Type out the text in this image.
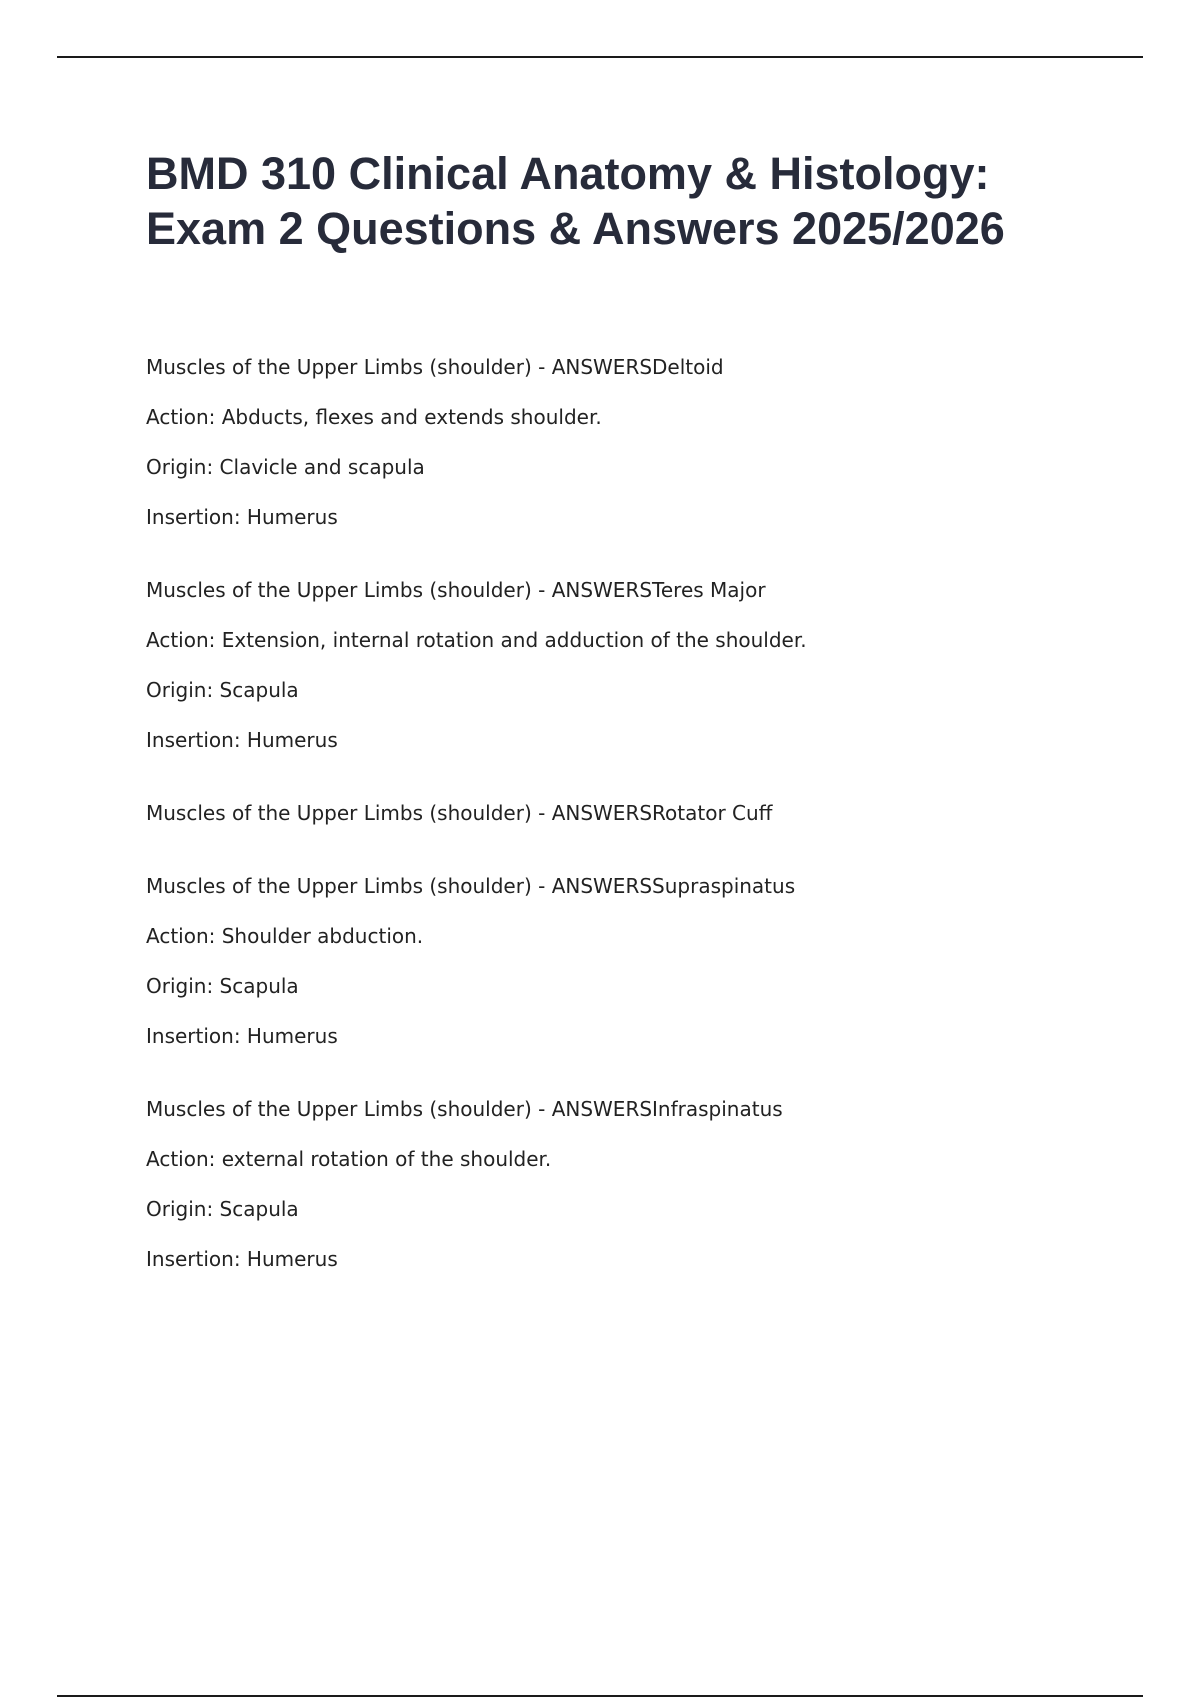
BMD 310 Clinical Anatomy & Histology:
Exam 2 Questions & Answers 2025/2026
Muscles of the Upper Limbs (shoulder) - ANSWERSDeltoid
Action: Abducts, flexes and extends shoulder.
Origin: Clavicle and scapula
Insertion: Humerus
Muscles of the Upper Limbs (shoulder) - ANSWERSTeres Major
Action: Extension, internal rotation and adduction of the shoulder.
Origin: Scapula
Insertion: Humerus
Muscles of the Upper Limbs (shoulder) - ANSWERSRotator Cuff
Muscles of the Upper Limbs (shoulder) - ANSWERSSupraspinatus
Action: Shoulder abduction.
Origin: Scapula
Insertion: Humerus
Muscles of the Upper Limbs (shoulder) - ANSWERSInfraspinatus
Action: external rotation of the shoulder.
Origin: Scapula
Insertion: Humerus
